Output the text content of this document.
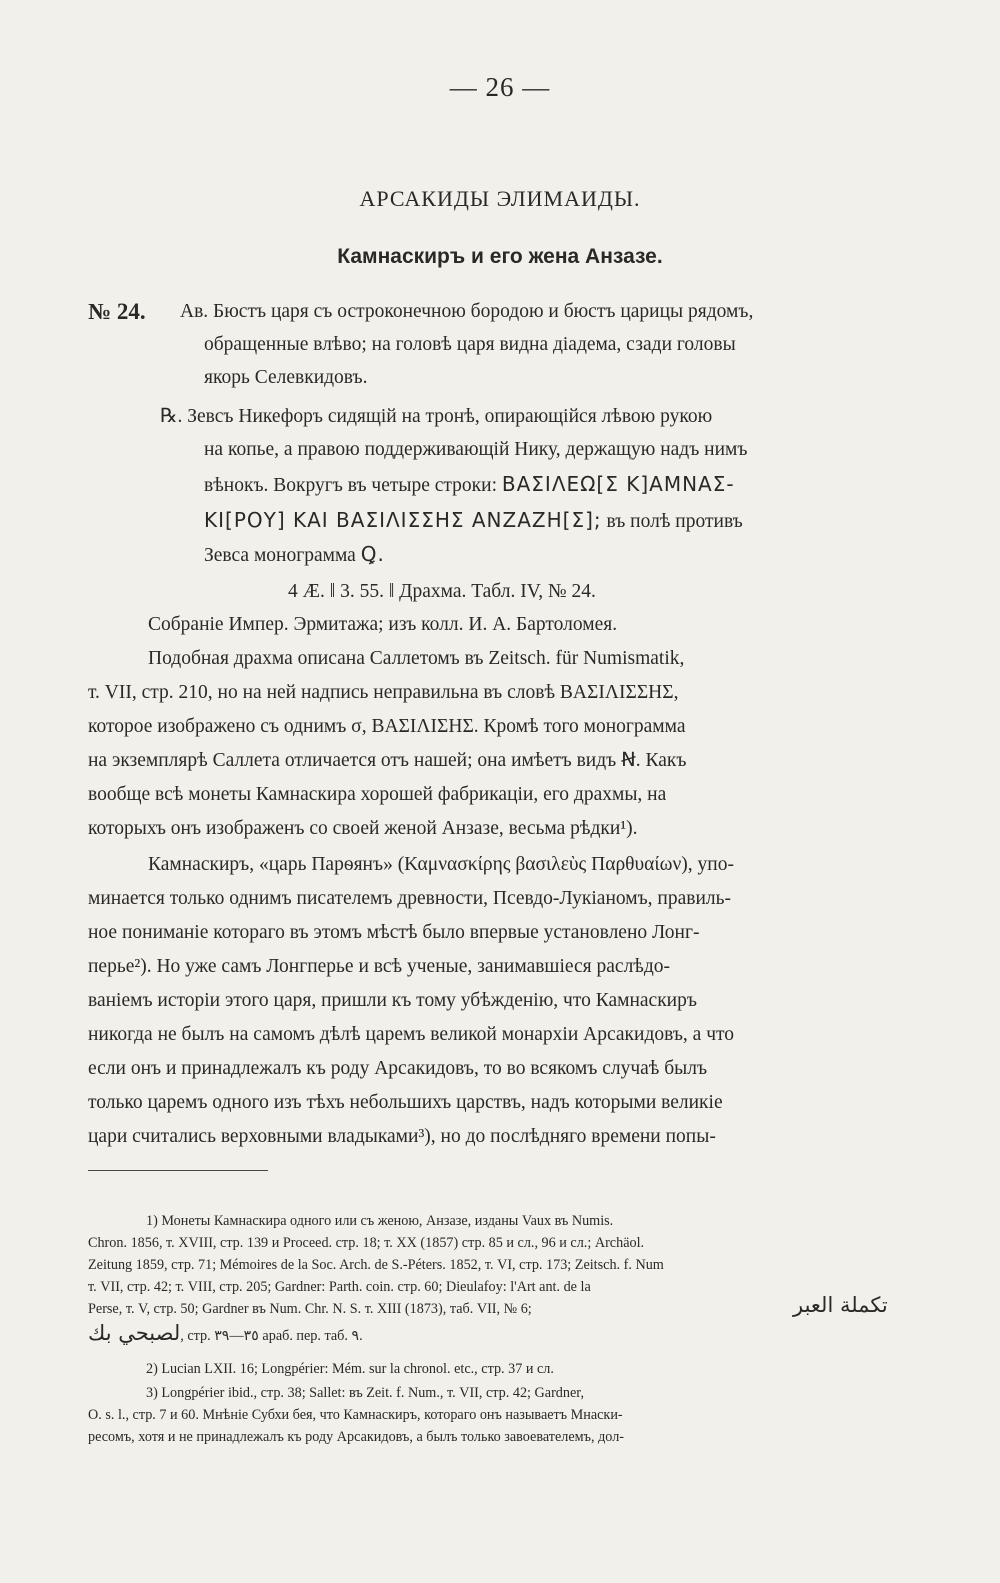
— 26 —
АРСАКИДЫ ЭЛИМАИДЫ.
Камнаскиръ и его жена Анзазе.
№ 24. Ав. Бюстъ царя съ остроконечною бородою и бюстъ царицы рядомъ,
обращенные влѣво; на головѣ царя видна діадема, сзади головы
якорь Селевкидовъ.
℞. Зевсъ Никефоръ сидящій на тронѣ, опирающійся лѣвою рукою
на копье, а правою поддерживающій Нику, держащую надъ нимъ
вѣнокъ. Вокругъ въ четыре строки: ΒΑΣΙΛΕΩ[Σ Κ]ΑΜΝΑΣ-
ΚΙ[ΡΟΥ] ΚΑΙ ΒΑΣΙΛΙΣΣΗΣ ΑΝΖΑΖΗ[Σ]; въ полѣ противъ
Зевса монограмма Ꝗ.
4 Æ. ‖ 3. 55. ‖ Драхма. Табл. IV, № 24.
Собраніе Импер. Эрмитажа; изъ колл. И. А. Бартоломея.
Подобная драхма описана Саллетомъ въ Zeitsch. für Numismatik,
т. VII, стр. 210, но на ней надпись неправильна въ словѣ ΒΑΣΙΛΙΣΣΗΣ,
которое изображено съ однимъ σ, ΒΑΣΙΛΙΣΗΣ. Кромѣ того монограмма
на экземплярѣ Саллета отличается отъ нашей; она имѣетъ видъ Ꞥ. Какъ
вообще всѣ монеты Камнаскира хорошей фабрикаціи, его драхмы, на
которыхъ онъ изображенъ со своей женой Анзазе, весьма рѣдки¹).
Камнаскиръ, «царь Парѳянъ» (Καμνασκίρης βασιλεὺς Παρθυαίων), упо-
минается только однимъ писателемъ древности, Псевдо-Лукіаномъ, правиль-
ное пониманіе котораго въ этомъ мѣстѣ было впервые установлено Лонг-
перье²). Но уже самъ Лонгперье и всѣ ученые, занимавшіеся раслѣдо-
ваніемъ исторіи этого царя, пришли къ тому убѣжденію, что Камнаскиръ
никогда не былъ на самомъ дѣлѣ царемъ великой монархіи Арсакидовъ, а что
если онъ и принадлежалъ къ роду Арсакидовъ, то во всякомъ случаѣ былъ
только царемъ одного изъ тѣхъ небольшихъ царствъ, надъ которыми великіе
цари считались верховными владыками³), но до послѣдняго времени попы-
1) Монеты Камнаскира одного или съ женою, Анзазе, изданы Vaux въ Numis.
Chron. 1856, т. XVIII, стр. 139 и Proceed. стр. 18; т. XX (1857) стр. 85 и сл., 96 и сл.; Archäol.
Zeitung 1859, стр. 71; Mémoires de la Soc. Arch. de S.-Péters. 1852, т. VI, стр. 173; Zeitsch. f. Num
т. VII, стр. 42; т. VIII, стр. 205; Gardner: Parth. coin. стр. 60; Dieulafoy: l'Art ant. de la
Perse, т. V, стр. 50; Gardner въ Num. Chr. N. S. т. XIII (1873), таб. VII, № 6;	تكملة العبر
لصبحي بك, стр. ٣٥—٣٩ араб. пер. таб. ٩.
2) Lucian LXII. 16; Longpérier: Mém. sur la chronol. etc., стр. 37 и сл.
3) Longpérier ibid., стр. 38; Sallet: въ Zeit. f. Num., т. VII, стр. 42; Gardner,
O. s. l., стр. 7 и 60. Мнѣніе Субхи бея, что Камнаскиръ, котораго онъ называетъ Мнаски-
ресомъ, хотя и не принадлежалъ къ роду Арсакидовъ, а былъ только завоевателемъ, дол-
